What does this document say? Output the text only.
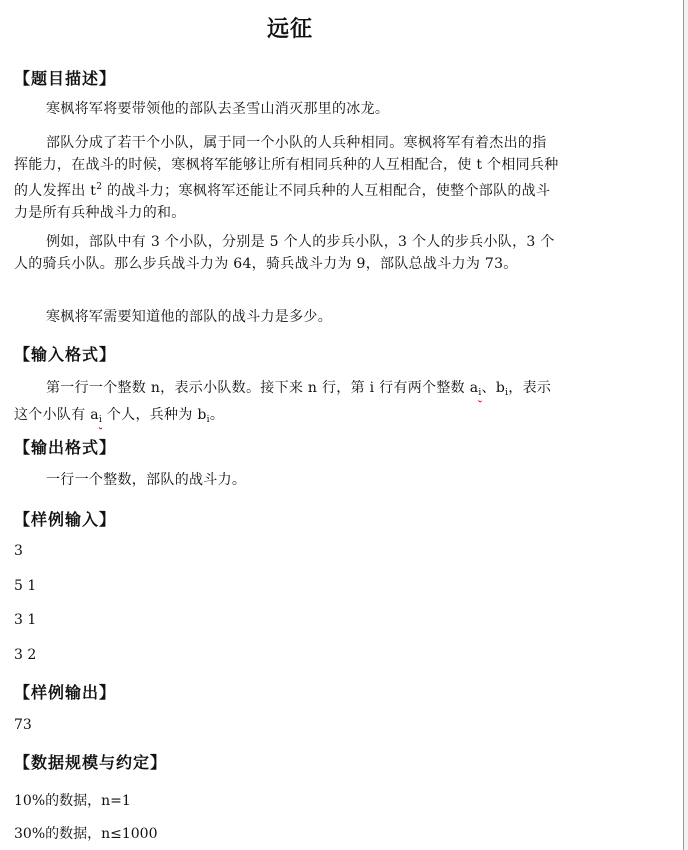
远征
【题目描述】
寒枫将军将要带领他的部队去圣雪山消灭那里的冰龙。
部队分成了若干个小队，属于同一个小队的人兵种相同。寒枫将军有着杰出的指挥能力，在战斗的时候，寒枫将军能够让所有相同兵种的人互相配合，使 t 个相同兵种的人发挥出 $t^2$ 的战斗力；寒枫将军还能让不同兵种的人互相配合，使整个部队的战斗力是所有兵种战斗力的和。
例如，部队中有 3 个小队，分别是 5 个人的步兵小队，3 个人的步兵小队，3 个人的骑兵小队。那么步兵战斗力为 64，骑兵战斗力为 9，部队总战斗力为 73。
寒枫将军需要知道他的部队的战斗力是多少。
【输入格式】
第一行一个整数 n，表示小队数。接下来 n 行，第 i 行有两个整数 $a_i$、$b_i$，表示这个小队有 $a_i$ 个人，兵种为 $b_i$。
【输出格式】
一行一个整数，部队的战斗力。
【样例输入】
3
5 1
3 1
3 2
【样例输出】
73
【数据规模与约定】
10%的数据，n=1
30%的数据，n≤1000
